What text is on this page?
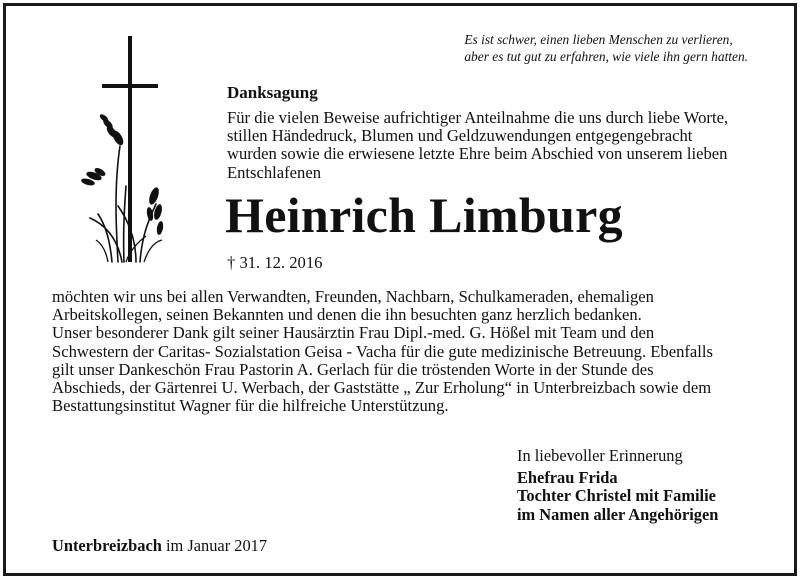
Es ist schwer, einen lieben Menschen zu verlieren,
aber es tut gut zu erfahren, wie viele ihn gern hatten.
Danksagung
Für die vielen Beweise aufrichtiger Anteilnahme die uns durch liebe Worte,
stillen Händedruck, Blumen und Geldzuwendungen entgegengebracht
wurden sowie die erwiesene letzte Ehre beim Abschied von unserem lieben
Entschlafenen
Heinrich Limburg
† 31. 12. 2016
möchten wir uns bei allen Verwandten, Freunden, Nachbarn, Schulkameraden, ehemaligen
Arbeitskollegen, seinen Bekannten und denen die ihn besuchten ganz herzlich bedanken.
Unser besonderer Dank gilt seiner Hausärztin Frau Dipl.-med. G. Hößel mit Team und den
Schwestern der Caritas- Sozialstation Geisa - Vacha für die gute medizinische Betreuung. Ebenfalls
gilt unser Dankeschön Frau Pastorin A. Gerlach für die tröstenden Worte in der Stunde des
Abschieds, der Gärtenrei U. Werbach, der Gaststätte „ Zur Erholung“ in Unterbreizbach sowie dem
Bestattungsinstitut Wagner für die hilfreiche Unterstützung.
In liebevoller Erinnerung
Ehefrau Frida
Tochter Christel mit Familie
im Namen aller Angehörigen
Unterbreizbach im Januar 2017
